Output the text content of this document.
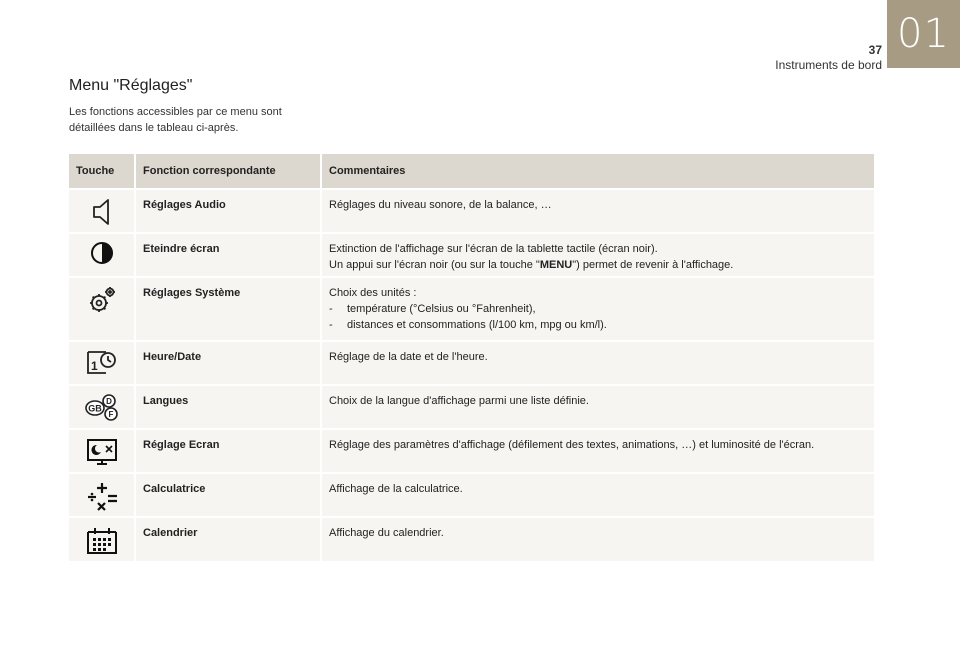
01
37
Instruments de bord
Menu "Réglages"
Les fonctions accessibles par ce menu sont détaillées dans le tableau ci-après.
Touche	Fonction correspondante	Commentaires

	Réglages Audio	Réglages du niveau sonore, de la balance, …

	Eteindre écran	Extinction de l'affichage sur l'écran de la tablette tactile (écran noir).
Un appui sur l'écran noir (ou sur la touche "MENU") permet de revenir à l'affichage.

	Réglages Système	Choix des unités :
- température (°Celsius ou °Fahrenheit),
- distances et consommations (l/100 km, mpg ou km/l).

1	Heure/Date	Réglage de la date et de l'heure.

GB
D
F	Langues	Choix de la langue d'affichage parmi une liste définie.

	Réglage Ecran	Réglage des paramètres d'affichage (défilement des textes, animations, …) et luminosité de l'écran.

	Calculatrice	Affichage de la calculatrice.

	Calendrier	Affichage du calendrier.
